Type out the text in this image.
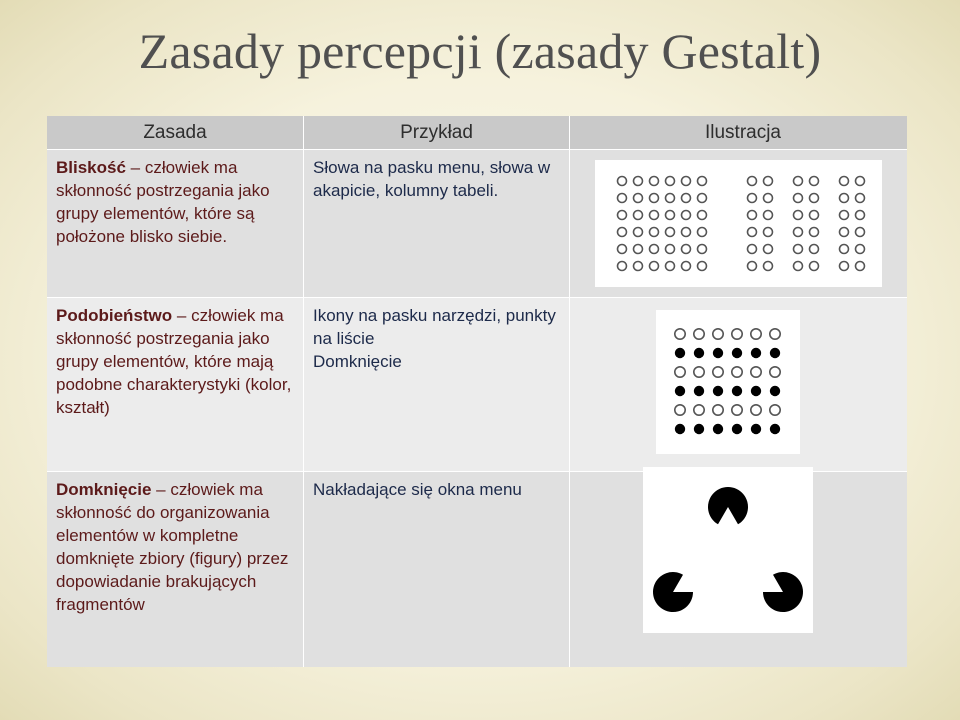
Zasady percepcji (zasady Gestalt)
Zasada	Przykład	Ilustracja
Bliskość – człowiek ma skłonność postrzegania jako grupy elementów, które są położone blisko siebie.
Słowa na pasku menu, słowa w akapicie, kolumny tabeli.
Podobieństwo – człowiek ma skłonność postrzegania jako grupy elementów, które mają podobne charakterystyki (kolor, kształt)
Ikony na pasku narzędzi, punkty na liście
Domknięcie
Domknięcie – człowiek ma skłonność do organizowania elementów w kompletne domknięte zbiory (figury) przez dopowiadanie brakujących fragmentów
Nakładające się okna menu
